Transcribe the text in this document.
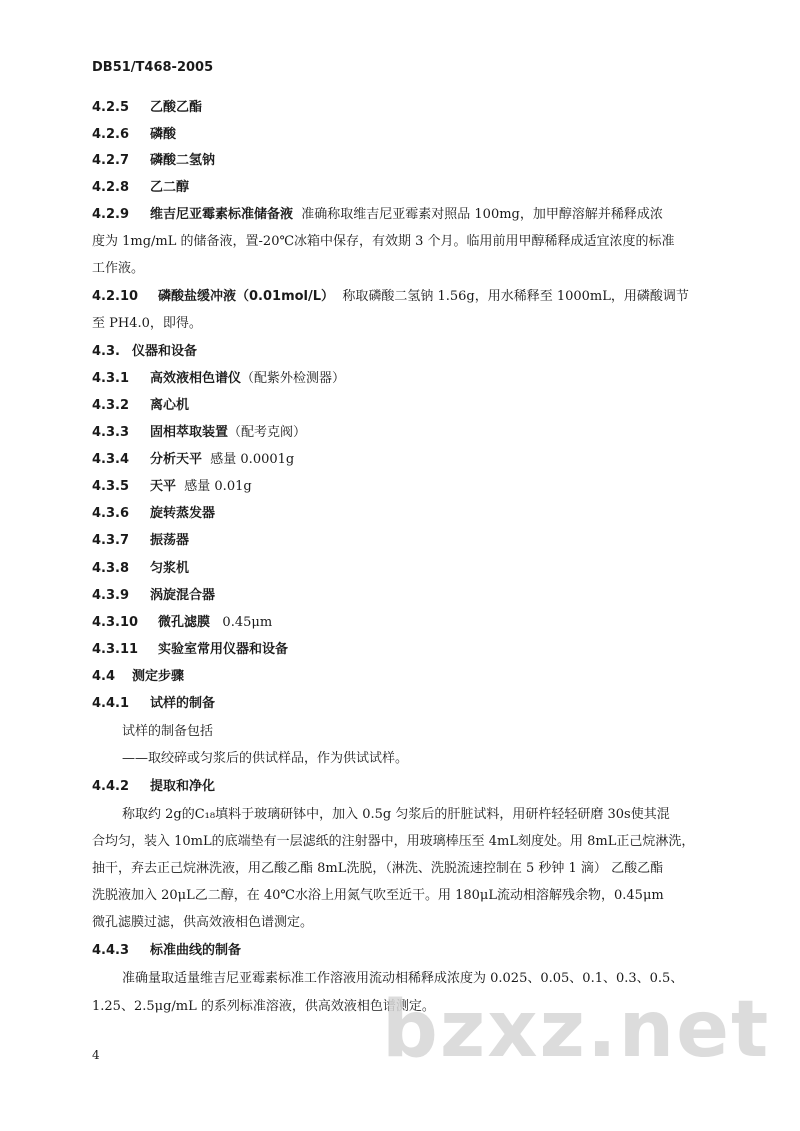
DB51/T468-2005
4.2.5 乙酸乙酯
4.2.6 磷酸
4.2.7 磷酸二氢钠
4.2.8 乙二醇
4.2.9 维吉尼亚霉素标准储备液 准确称取维吉尼亚霉素对照品 100mg，加甲醇溶解并稀释成浓
度为 1mg/mL 的储备液，置-20℃冰箱中保存，有效期 3 个月。临用前用甲醇稀释成适宜浓度的标准
工作液。
4.2.10 磷酸盐缓冲液（0.01mol/L） 称取磷酸二氢钠 1.56g，用水稀释至 1000mL，用磷酸调节
至 PH4.0，即得。
4.3. 仪器和设备
4.3.1 高效液相色谱仪（配紫外检测器）
4.3.2 离心机
4.3.3 固相萃取装置（配考克阀）
4.3.4 分析天平 感量 0.0001g
4.3.5 天平 感量 0.01g
4.3.6 旋转蒸发器
4.3.7 振荡器
4.3.8 匀浆机
4.3.9 涡旋混合器
4.3.10 微孔滤膜 0.45μm
4.3.11 实验室常用仪器和设备
4.4 测定步骤
4.4.1 试样的制备
试样的制备包括
——取绞碎或匀浆后的供试样品，作为供试试样。
4.4.2 提取和净化
称取约 2g的C₁₈填料于玻璃研钵中，加入 0.5g 匀浆后的肝脏试料，用研杵轻轻研磨 30s使其混
合均匀，装入 10mL的底端垫有一层滤纸的注射器中，用玻璃棒压至 4mL刻度处。用 8mL正己烷淋洗，
抽干，弃去正己烷淋洗液，用乙酸乙酯 8mL洗脱，（淋洗、洗脱流速控制在 5 秒钟 1 滴） 乙酸乙酯
洗脱液加入 20μL乙二醇，在 40℃水浴上用氮气吹至近干。用 180μL流动相溶解残余物，0.45μm
微孔滤膜过滤，供高效液相色谱测定。
4.4.3 标准曲线的制备
准确量取适量维吉尼亚霉素标准工作溶液用流动相稀释成浓度为 0.025、0.05、0.1、0.3、0.5、
1.25、2.5μg/mL 的系列标准溶液，供高效液相色谱测定。
bzxz.net
4
